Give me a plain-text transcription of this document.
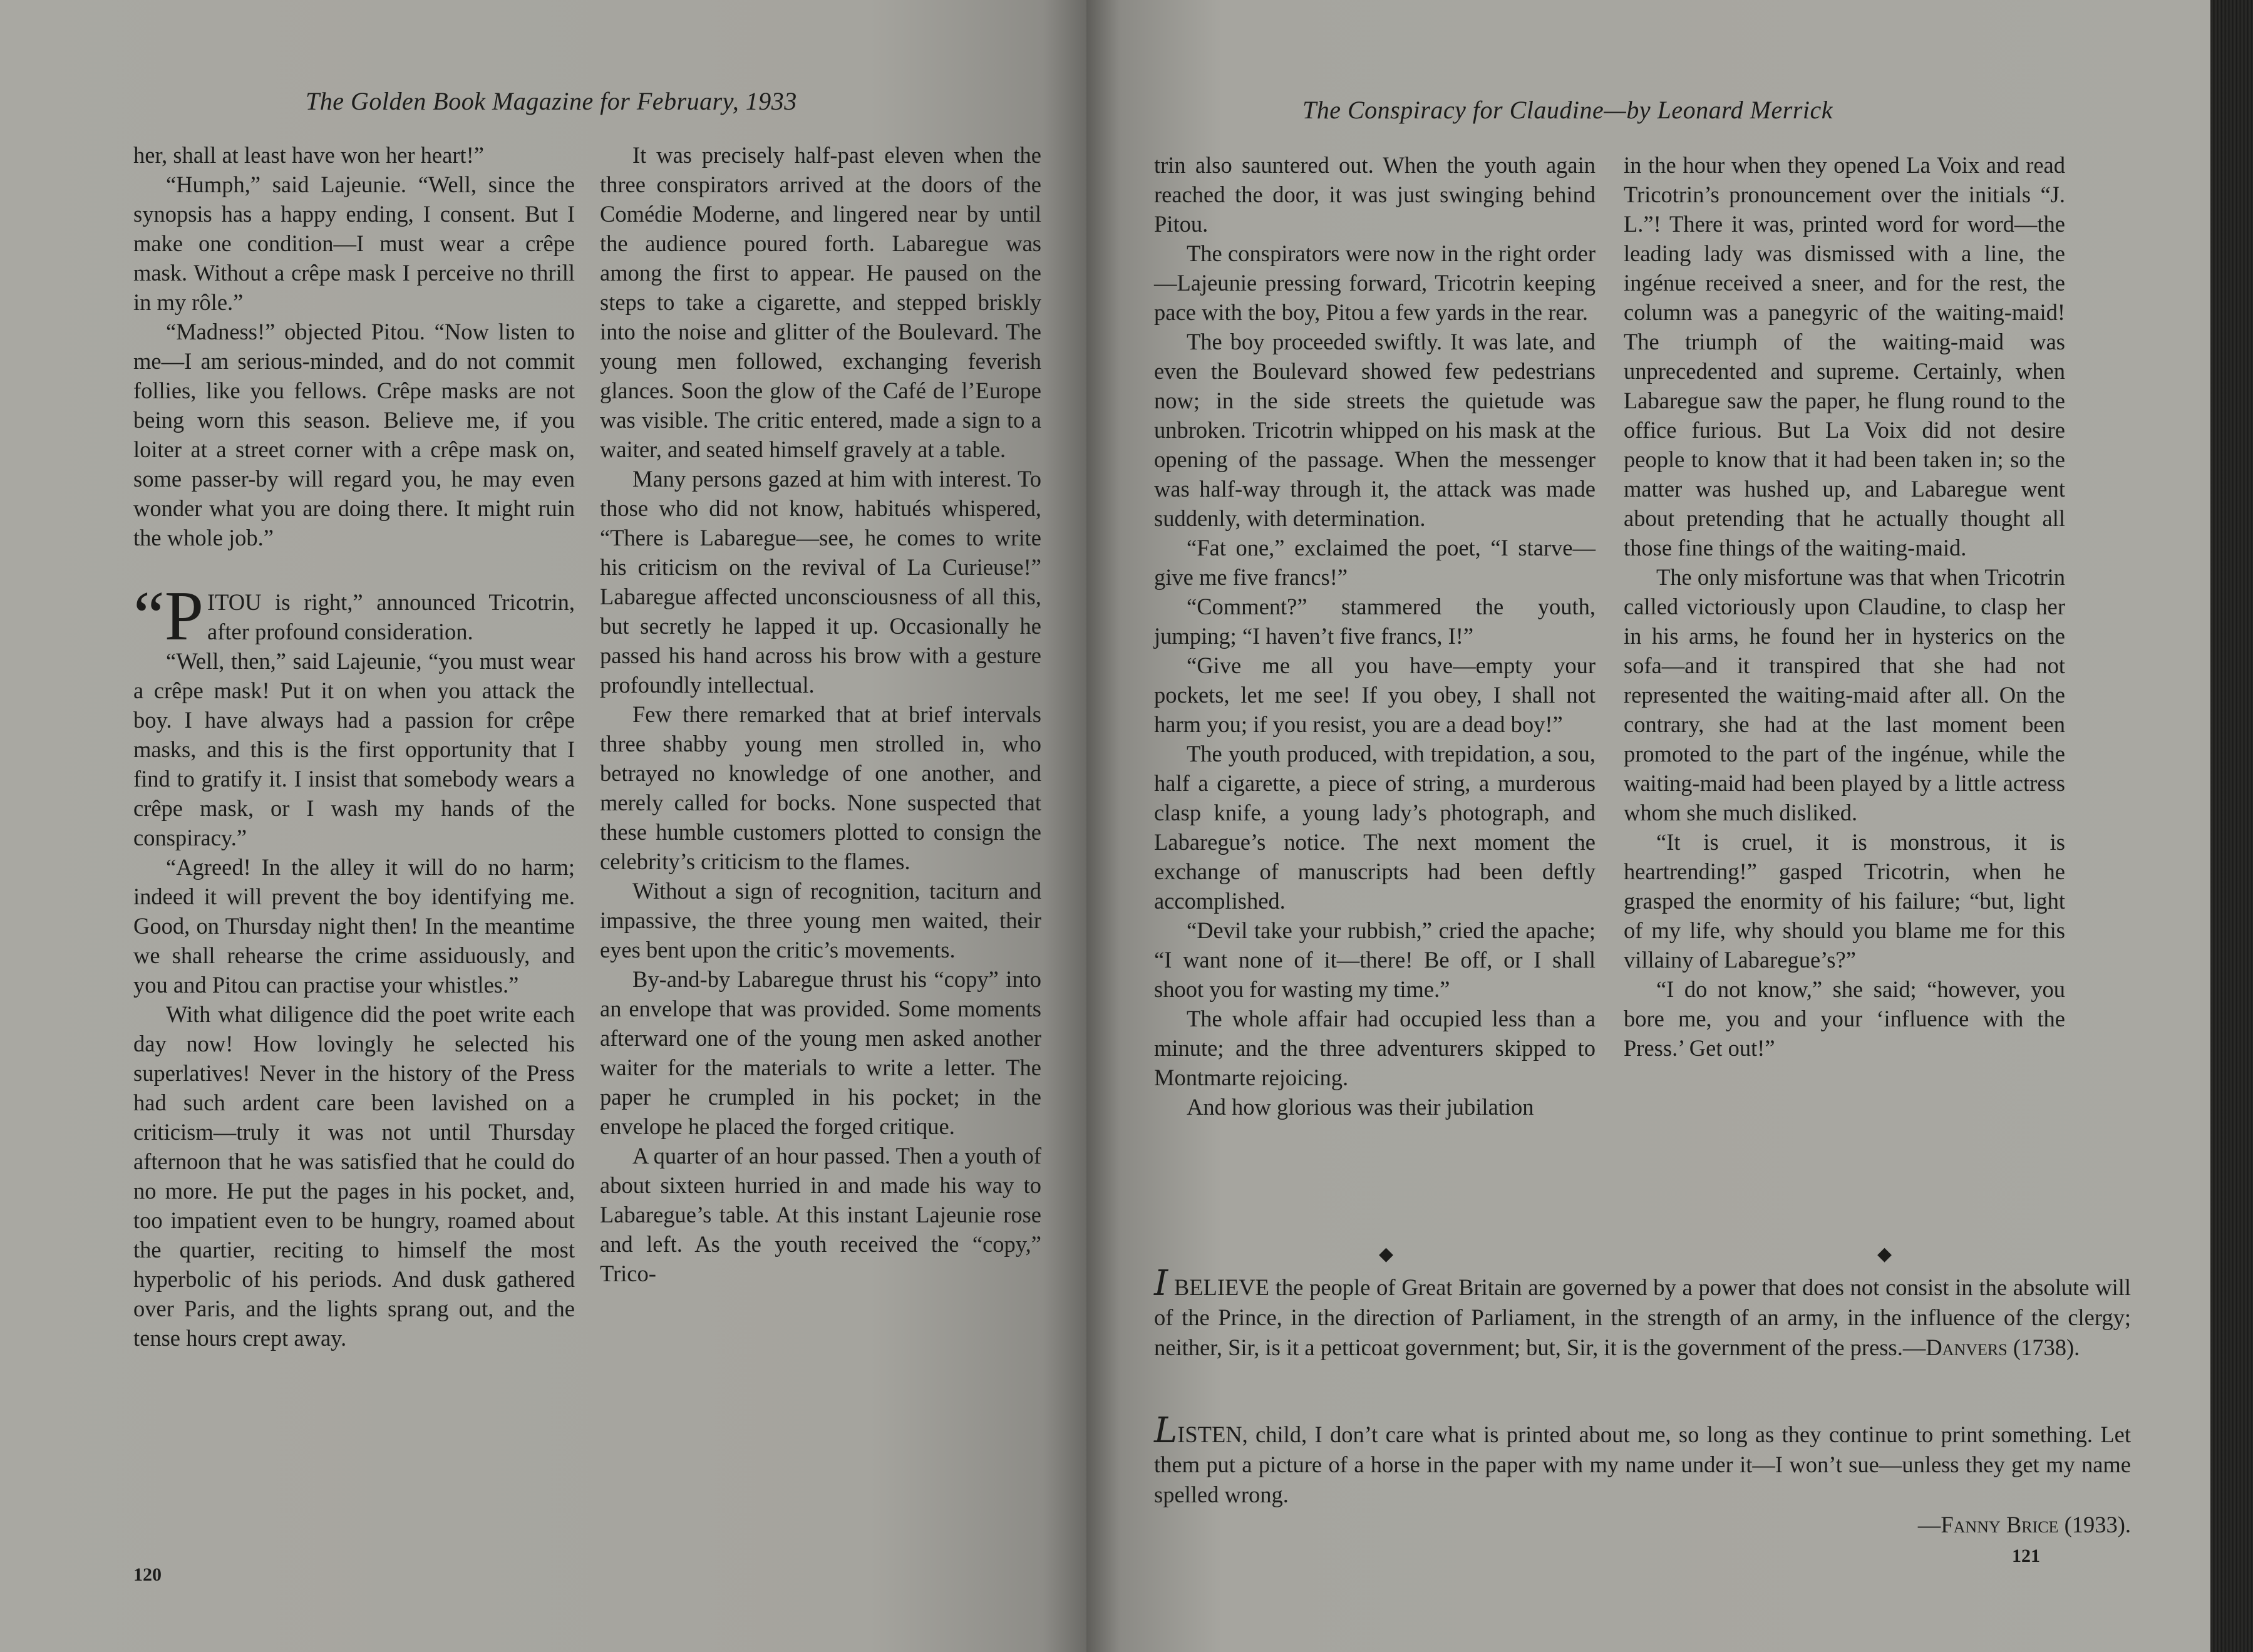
The Golden Book Magazine for February, 1933

her, shall at least have won her heart!”

“Humph,” said Lajeunie. “Well, since the synopsis has a happy ending, I consent. But I make one condition—I must wear a crêpe mask. Without a crêpe mask I perceive no thrill in my rôle.”

“Madness!” objected Pitou. “Now listen to me—I am serious-minded, and do not commit follies, like you fellows. Crêpe masks are not being worn this season. Believe me, if you loiter at a street corner with a crêpe mask on, some passer-by will regard you, he may even wonder what you are doing there. It might ruin the whole job.”

“PITOU is right,” announced Tricotrin, after profound consideration.

“Well, then,” said Lajeunie, “you must wear a crêpe mask! Put it on when you attack the boy. I have always had a passion for crêpe masks, and this is the first opportunity that I find to gratify it. I insist that somebody wears a crêpe mask, or I wash my hands of the conspiracy.”

“Agreed! In the alley it will do no harm; indeed it will prevent the boy identifying me. Good, on Thursday night then! In the meantime we shall rehearse the crime assiduously, and you and Pitou can practise your whistles.”

With what diligence did the poet write each day now! How lovingly he selected his superlatives! Never in the history of the Press had such ardent care been lavished on a criticism—truly it was not until Thursday afternoon that he was satisfied that he could do no more. He put the pages in his pocket, and, too impatient even to be hungry, roamed about the quartier, reciting to himself the most hyperbolic of his periods. And dusk gathered over Paris, and the lights sprang out, and the tense hours crept away.

It was precisely half-past eleven when the three conspirators arrived at the doors of the Comédie Moderne, and lingered near by until the audience poured forth. Labaregue was among the first to appear. He paused on the steps to take a cigarette, and stepped briskly into the noise and glitter of the Boulevard. The young men followed, exchanging feverish glances. Soon the glow of the Café de l’Europe was visible. The critic entered, made a sign to a waiter, and seated himself gravely at a table.

Many persons gazed at him with interest. To those who did not know, habitués whispered, “There is Labaregue—see, he comes to write his criticism on the revival of La Curieuse!” Labaregue affected unconsciousness of all this, but secretly he lapped it up. Occasionally he passed his hand across his brow with a gesture profoundly intellectual.

Few there remarked that at brief intervals three shabby young men strolled in, who betrayed no knowledge of one another, and merely called for bocks. None suspected that these humble customers plotted to consign the celebrity’s criticism to the flames.

Without a sign of recognition, taciturn and impassive, the three young men waited, their eyes bent upon the critic’s movements.

By-and-by Labaregue thrust his “copy” into an envelope that was provided. Some moments afterward one of the young men asked another waiter for the materials to write a letter. The paper he crumpled in his pocket; in the envelope he placed the forged critique.

A quarter of an hour passed. Then a youth of about sixteen hurried in and made his way to Labaregue’s table. At this instant Lajeunie rose and left. As the youth received the “copy,” Trico-

120
The Conspiracy for Claudine—by Leonard Merrick

trin also sauntered out. When the youth again reached the door, it was just swinging behind Pitou.

The conspirators were now in the right order—Lajeunie pressing forward, Tricotrin keeping pace with the boy, Pitou a few yards in the rear.

The boy proceeded swiftly. It was late, and even the Boulevard showed few pedestrians now; in the side streets the quietude was unbroken. Tricotrin whipped on his mask at the opening of the passage. When the messenger was half-way through it, the attack was made suddenly, with determination.

“Fat one,” exclaimed the poet, “I starve—give me five francs!”

“Comment?” stammered the youth, jumping; “I haven’t five francs, I!”

“Give me all you have—empty your pockets, let me see! If you obey, I shall not harm you; if you resist, you are a dead boy!”

The youth produced, with trepidation, a sou, half a cigarette, a piece of string, a murderous clasp knife, a young lady’s photograph, and Labaregue’s notice. The next moment the exchange of manuscripts had been deftly accomplished.

“Devil take your rubbish,” cried the apache; “I want none of it—there! Be off, or I shall shoot you for wasting my time.”

The whole affair had occupied less than a minute; and the three adventurers skipped to Montmarte rejoicing.

And how glorious was their jubilation

in the hour when they opened La Voix and read Tricotrin’s pronouncement over the initials “J. L.”! There it was, printed word for word—the leading lady was dismissed with a line, the ingénue received a sneer, and for the rest, the column was a panegyric of the waiting-maid! The triumph of the waiting-maid was unprecedented and supreme. Certainly, when Labaregue saw the paper, he flung round to the office furious. But La Voix did not desire people to know that it had been taken in; so the matter was hushed up, and Labaregue went about pretending that he actually thought all those fine things of the waiting-maid.

The only misfortune was that when Tricotrin called victoriously upon Claudine, to clasp her in his arms, he found her in hysterics on the sofa—and it transpired that she had not represented the waiting-maid after all. On the contrary, she had at the last moment been promoted to the part of the ingénue, while the waiting-maid had been played by a little actress whom she much disliked.

“It is cruel, it is monstrous, it is heartrending!” gasped Tricotrin, when he grasped the enormity of his failure; “but, light of my life, why should you blame me for this villainy of Labaregue’s?”

“I do not know,” she said; “however, you bore me, you and your ‘influence with the Press.’ Get out!”

◆	◆

I BELIEVE the people of Great Britain are governed by a power that does not consist in the absolute will of the Prince, in the direction of Parliament, in the strength of an army, in the influence of the clergy; neither, Sir, is it a petticoat government; but, Sir, it is the government of the press.—Danvers (1738).

LISTEN, child, I don’t care what is printed about me, so long as they continue to print something. Let them put a picture of a horse in the paper with my name under it—I won’t sue—unless they get my name spelled wrong.

—Fanny Brice (1933).

121
